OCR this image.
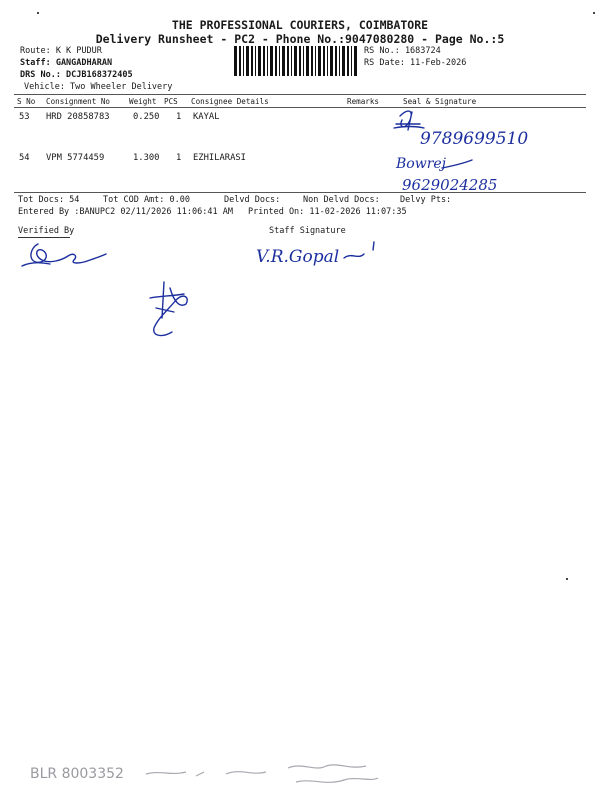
THE PROFESSIONAL COURIERS, COIMBATORE
Delivery Runsheet - PC2 - Phone No.:9047080280 - Page No.:5
Route: K K PUDUR
Staff: GANGADHARAN
DRS No.: DCJB168372405
Vehicle: Two Wheeler Delivery
RS No.: 1683724
RS Date: 11-Feb-2026
S No Consignment No Weight PCS Consignee Details	Remarks	Seal & Signature
53 HRD 20858783	0.250 1 KAYAL
9789699510
54 VPM 5774459	1.300 1 EZHILARASI	Bowrej
9629024285
Tot Docs: 54	Tot COD Amt: 0.00	Delvd Docs:	Non Delvd Docs: Delvy Pts:
Entered By :BANUPC2 02/11/2026 11:06:41 AM Printed On: 11-02-2026 11:07:35
Verified By	Staff Signature
V.R.Gopal
BLR 8003352
